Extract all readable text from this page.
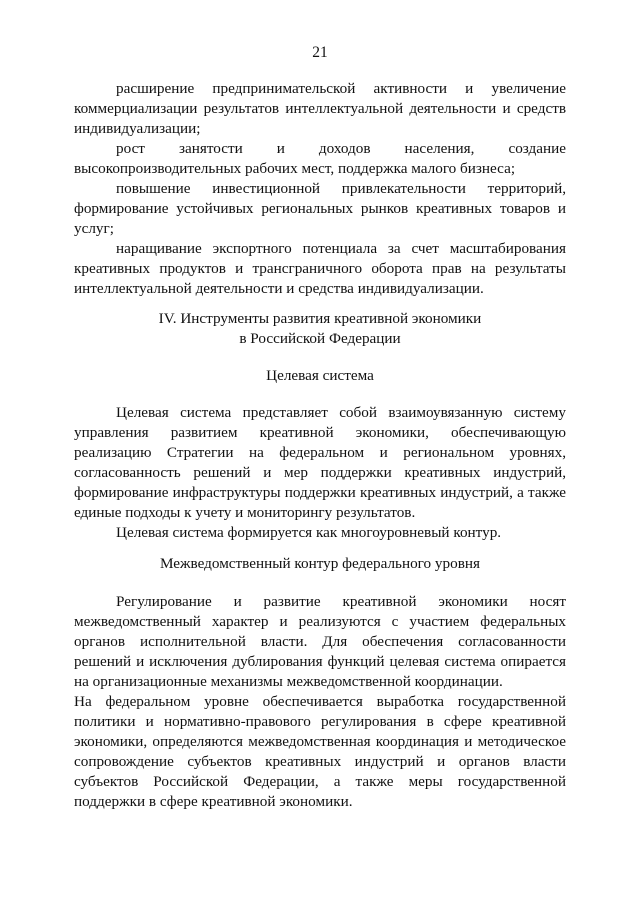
21

расширение предпринимательской активности и увеличение коммерциализации результатов интеллектуальной деятельности и средств индивидуализации;

рост занятости и доходов населения, создание высокопроизводительных рабочих мест, поддержка малого бизнеса;

повышение инвестиционной привлекательности территорий, формирование устойчивых региональных рынков креативных товаров и услуг;

наращивание экспортного потенциала за счет масштабирования креативных продуктов и трансграничного оборота прав на результаты интеллектуальной деятельности и средства индивидуализации.

IV. Инструменты развития креативной экономики
в Российской Федерации
Целевая система

Целевая система представляет собой взаимоувязанную систему управления развитием креативной экономики, обеспечивающую реализацию Стратегии на федеральном и региональном уровнях, согласованность решений и мер поддержки креативных индустрий, формирование инфраструктуры поддержки креативных индустрий, а также единые подходы к учету и мониторингу результатов.

Целевая система формируется как многоуровневый контур.

Межведомственный контур федерального уровня

Регулирование и развитие креативной экономики носят межведомственный характер и реализуются с участием федеральных органов исполнительной власти. Для обеспечения согласованности решений и исключения дублирования функций целевая система опирается на организационные механизмы межведомственной координации.

На федеральном уровне обеспечивается выработка государственной политики и нормативно-правового регулирования в сфере креативной экономики, определяются межведомственная координация и методическое сопровождение субъектов креативных индустрий и органов власти субъектов Российской Федерации, а также меры государственной поддержки в сфере креативной экономики.
